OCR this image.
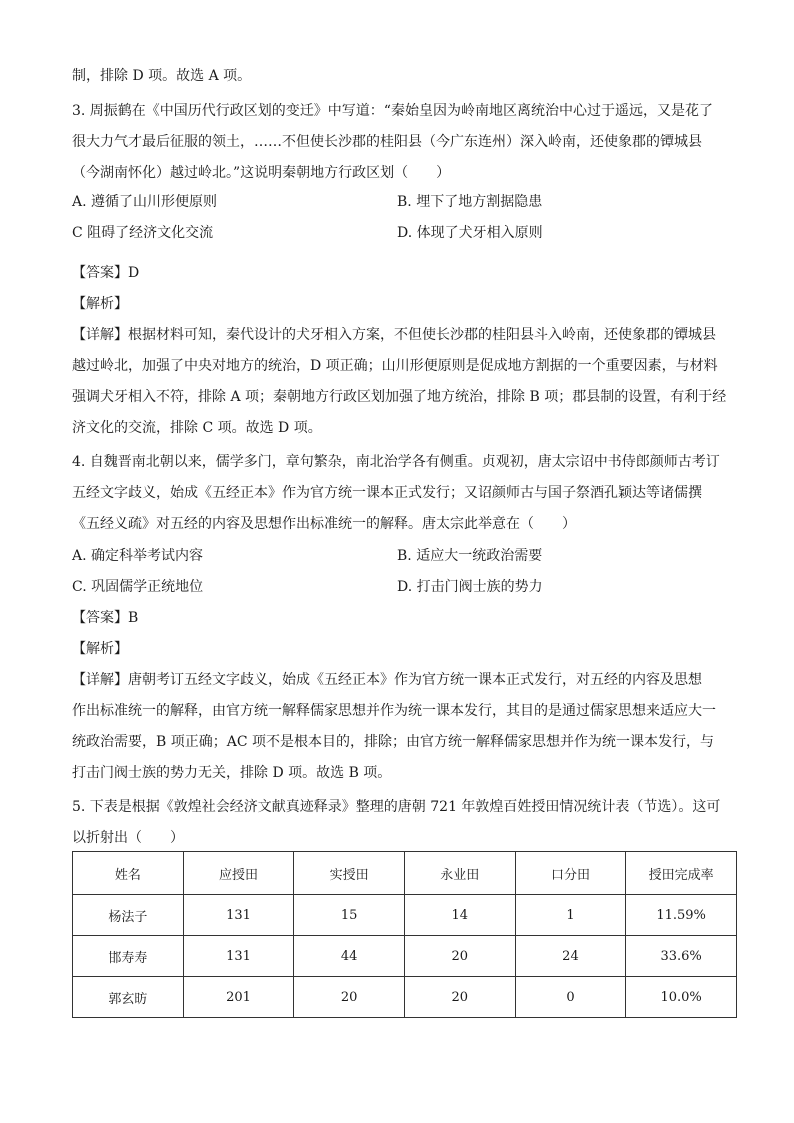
制，排除 D 项。故选 A 项。
3. 周振鹤在《中国历代行政区划的变迁》中写道：“秦始皇因为岭南地区离统治中心过于遥远，又是花了
很大力气才最后征服的领土，……不但使长沙郡的桂阳县（今广东连州）深入岭南，还使象郡的镡城县
（今湖南怀化）越过岭北。”这说明秦朝地方行政区划（　　）
【答案】D
【解析】
【详解】根据材料可知，秦代设计的犬牙相入方案，不但使长沙郡的桂阳县斗入岭南，还使象郡的镡城县
越过岭北，加强了中央对地方的统治，D 项正确；山川形便原则是促成地方割据的一个重要因素，与材料
强调犬牙相入不符，排除 A 项；秦朝地方行政区划加强了地方统治，排除 B 项；郡县制的设置，有利于经
济文化的交流，排除 C 项。故选 D 项。
4. 自魏晋南北朝以来，儒学多门，章句繁杂，南北治学各有侧重。贞观初，唐太宗诏中书侍郎颜师古考订
五经文字歧义，始成《五经正本》作为官方统一课本正式发行；又诏颜师古与国子祭酒孔颖达等诸儒撰
《五经义疏》对五经的内容及思想作出标准统一的解释。唐太宗此举意在（　　）
【答案】B
【解析】
【详解】唐朝考订五经文字歧义，始成《五经正本》作为官方统一课本正式发行，对五经的内容及思想
作出标准统一的解释，由官方统一解释儒家思想并作为统一课本发行，其目的是通过儒家思想来适应大一
统政治需要，B 项正确；AC 项不是根本目的，排除；由官方统一解释儒家思想并作为统一课本发行，与
打击门阀士族的势力无关，排除 D 项。故选 B 项。
5. 下表是根据《敦煌社会经济文献真迹释录》整理的唐朝 721 年敦煌百姓授田情况统计表（节选）。这可
以折射出（　　）
A. 遵循了山川形便原则	B. 埋下了地方割据隐患
C 阻碍了经济文化交流	D. 体现了犬牙相入原则
A. 确定科举考试内容	B. 适应大一统政治需要
C. 巩固儒学正统地位	D. 打击门阀士族的势力
姓名	应授田	实授田	永业田	口分田	授田完成率
杨法子	131	15	14	1	11.59%
邯寿寿	131	44	20	24	33.6%
郭玄昉	201	20	20	0	10.0%
